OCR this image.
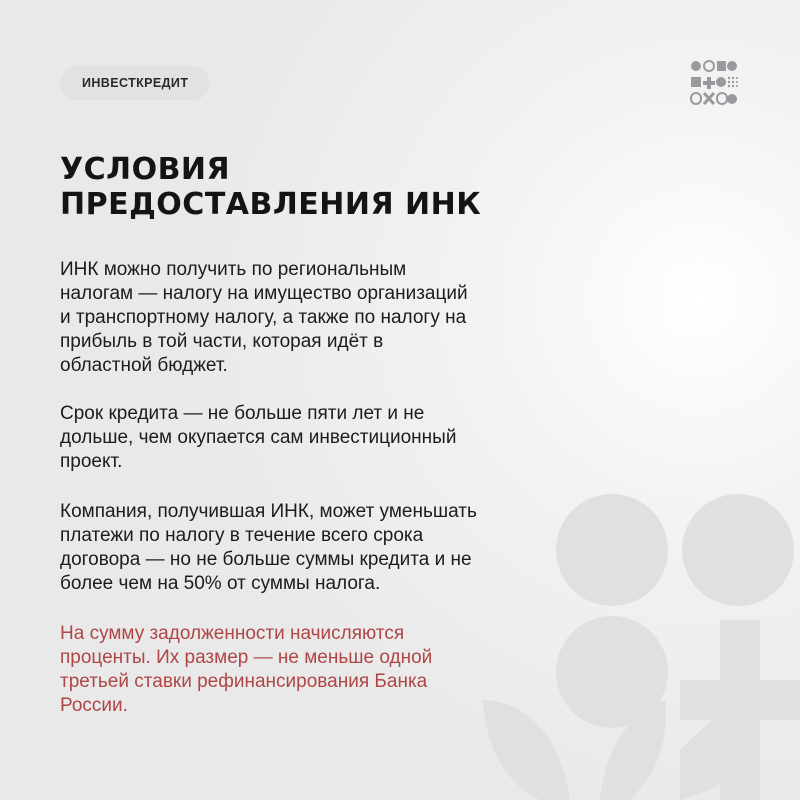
ИНВЕСТКРЕДИТ
УСЛОВИЯ
ПРЕДОСТАВЛЕНИЯ ИНК

ИНК можно получить по региональным
налогам — налогу на имущество организаций
и транспортному налогу, а также по налогу на
прибыль в той части, которая идёт в
областной бюджет.

Срок кредита — не больше пяти лет и не
дольше, чем окупается сам инвестиционный
проект.

Компания, получившая ИНК, может уменьшать
платежи по налогу в течение всего срока
договора — но не больше суммы кредита и не
более чем на 50% от суммы налога.

На сумму задолженности начисляются
проценты. Их размер — не меньше одной
третьей ставки рефинансирования Банка
России.
